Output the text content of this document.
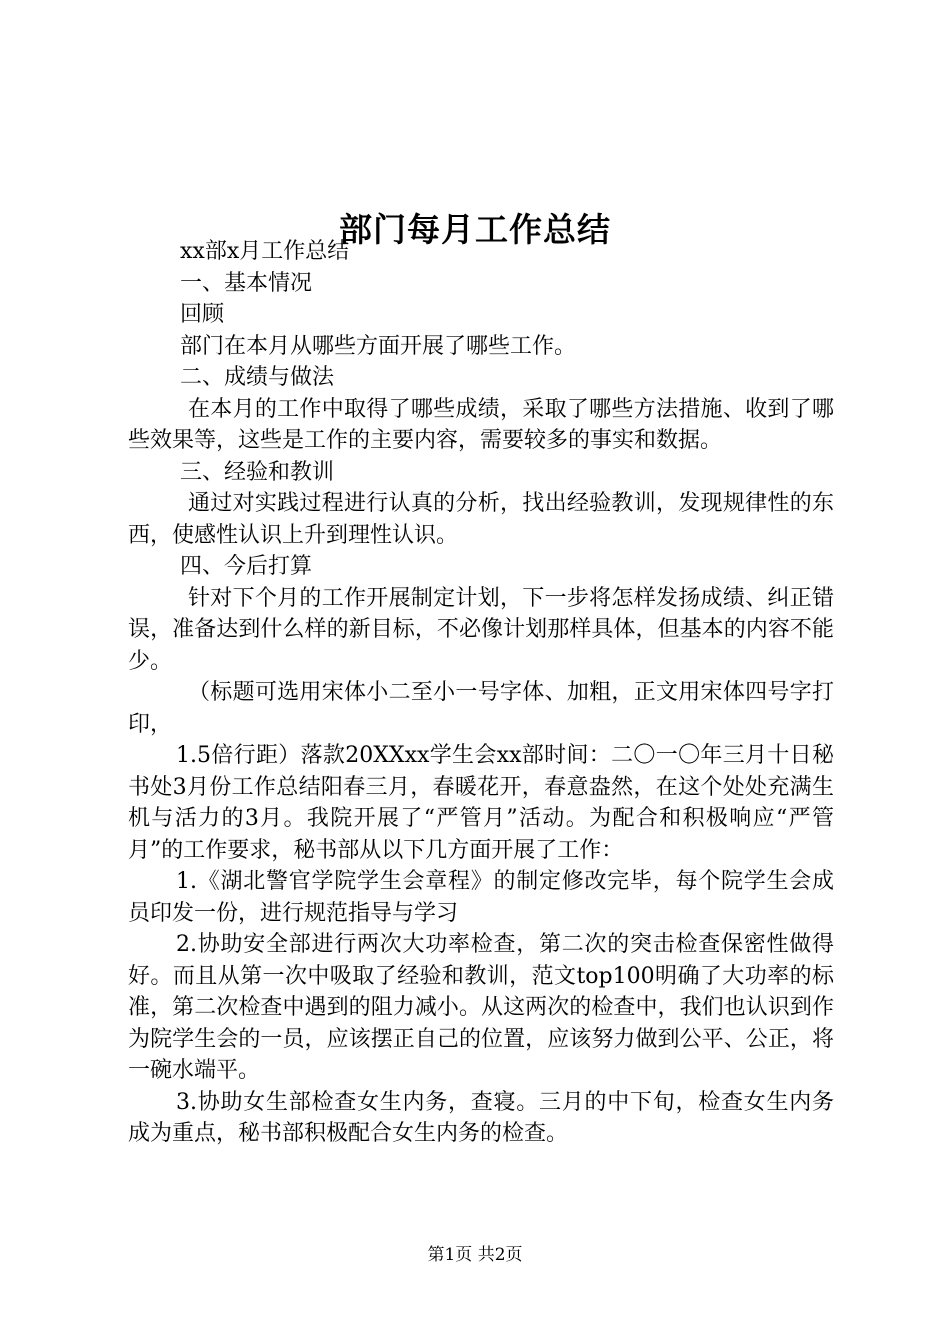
部门每月工作总结

xx部x月工作总结

一、基本情况

回顾

部门在本月从哪些方面开展了哪些工作。

二、成绩与做法

在本月的工作中取得了哪些成绩，采取了哪些方法措施、收到了哪些效果等，这些是工作的主要内容，需要较多的事实和数据。

三、经验和教训

通过对实践过程进行认真的分析，找出经验教训，发现规律性的东西，使感性认识上升到理性认识。

四、今后打算

针对下个月的工作开展制定计划，下一步将怎样发扬成绩、纠正错误，准备达到什么样的新目标，不必像计划那样具体，但基本的内容不能少。

（标题可选用宋体小二至小一号字体、加粗，正文用宋体四号字打印，

1.5倍行距）落款20XXxx学生会xx部时间：二〇一〇年三月十日秘书处3月份工作总结阳春三月，春暖花开，春意盎然，在这个处处充满生机与活力的3月。我院开展了“严管月”活动。为配合和积极响应“严管月”的工作要求，秘书部从以下几方面开展了工作：

1.《湖北警官学院学生会章程》的制定修改完毕，每个院学生会成员印发一份，进行规范指导与学习

2.协助安全部进行两次大功率检查，第二次的突击检查保密性做得好。而且从第一次中吸取了经验和教训，范文top100明确了大功率的标准，第二次检查中遇到的阻力减小。从这两次的检查中，我们也认识到作为院学生会的一员，应该摆正自己的位置，应该努力做到公平、公正，将一碗水端平。

3.协助女生部检查女生内务，查寝。三月的中下旬，检查女生内务成为重点，秘书部积极配合女生内务的检查。

第1页 共2页
